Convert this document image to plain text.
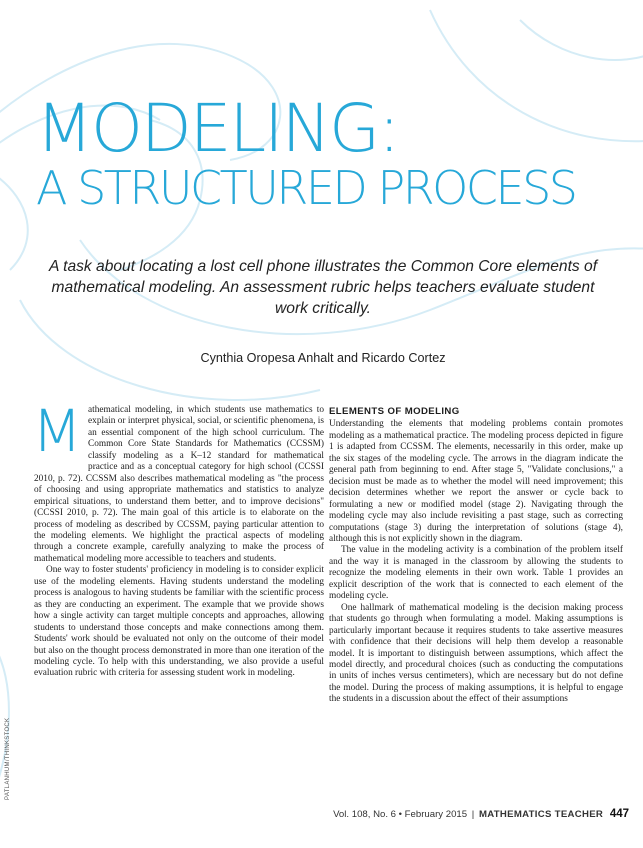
MODELING:
A STRUCTURED PROCESS
A task about locating a lost cell phone illustrates the Common Core elements of mathematical modeling. An assessment rubric helps teachers evaluate student work critically.
Cynthia Oropesa Anhalt and Ricardo Cortez

Mathematical modeling, in which students use mathematics to explain or interpret physical, social, or scientific phenomena, is an essential component of the high school curriculum. The Common Core State Standards for Mathematics (CCSSM) classify modeling as a K–12 standard for mathematical practice and as a conceptual category for high school (CCSSI 2010, p. 72). CCSSM also describes mathematical modeling as "the process of choosing and using appropriate mathematics and statistics to analyze empirical situations, to understand them better, and to improve decisions" (CCSSI 2010, p. 72). The main goal of this article is to elaborate on the process of modeling as described by CCSSM, paying particular attention to the modeling elements. We highlight the practical aspects of modeling through a concrete example, carefully analyzing to make the process of mathematical modeling more accessible to teachers and students.

One way to foster students' proficiency in modeling is to consider explicit use of the modeling elements. Having students understand the modeling process is analogous to having students be familiar with the scientific process as they are conducting an experiment. The example that we provide shows how a single activity can target multiple concepts and approaches, allowing students to understand those concepts and make connections among them. Students' work should be evaluated not only on the outcome of their model but also on the thought process demonstrated in more than one iteration of the modeling cycle. To help with this understanding, we also provide a useful evaluation rubric with criteria for assessing student work in modeling.

ELEMENTS OF MODELING

Understanding the elements that modeling problems contain promotes modeling as a mathematical practice. The modeling process depicted in figure 1 is adapted from CCSSM. The elements, necessarily in this order, make up the six stages of the modeling cycle. The arrows in the diagram indicate the general path from beginning to end. After stage 5, "Validate conclusions," a decision must be made as to whether the model will need improvement; this decision determines whether we report the answer or cycle back to formulating a new or modified model (stage 2). Navigating through the modeling cycle may also include revisiting a past stage, such as correcting computations (stage 3) during the interpretation of solutions (stage 4), although this is not explicitly shown in the diagram.

The value in the modeling activity is a combination of the problem itself and the way it is managed in the classroom by allowing the students to recognize the modeling elements in their own work. Table 1 provides an explicit description of the work that is connected to each element of the modeling cycle.

One hallmark of mathematical modeling is the decision making process that students go through when formulating a model. Making assumptions is particularly important because it requires students to take assertive measures with confidence that their decisions will help them develop a reasonable model. It is important to distinguish between assumptions, which affect the model directly, and procedural choices (such as conducting the computations in units of inches versus centimeters), which are necessary but do not define the model. During the process of making assumptions, it is helpful to engage the students in a discussion about the effect of their assumptions

PATLANHUM/THINKSTOCK
Vol. 108, No. 6 • February 2015 | MATHEMATICS TEACHER 447
